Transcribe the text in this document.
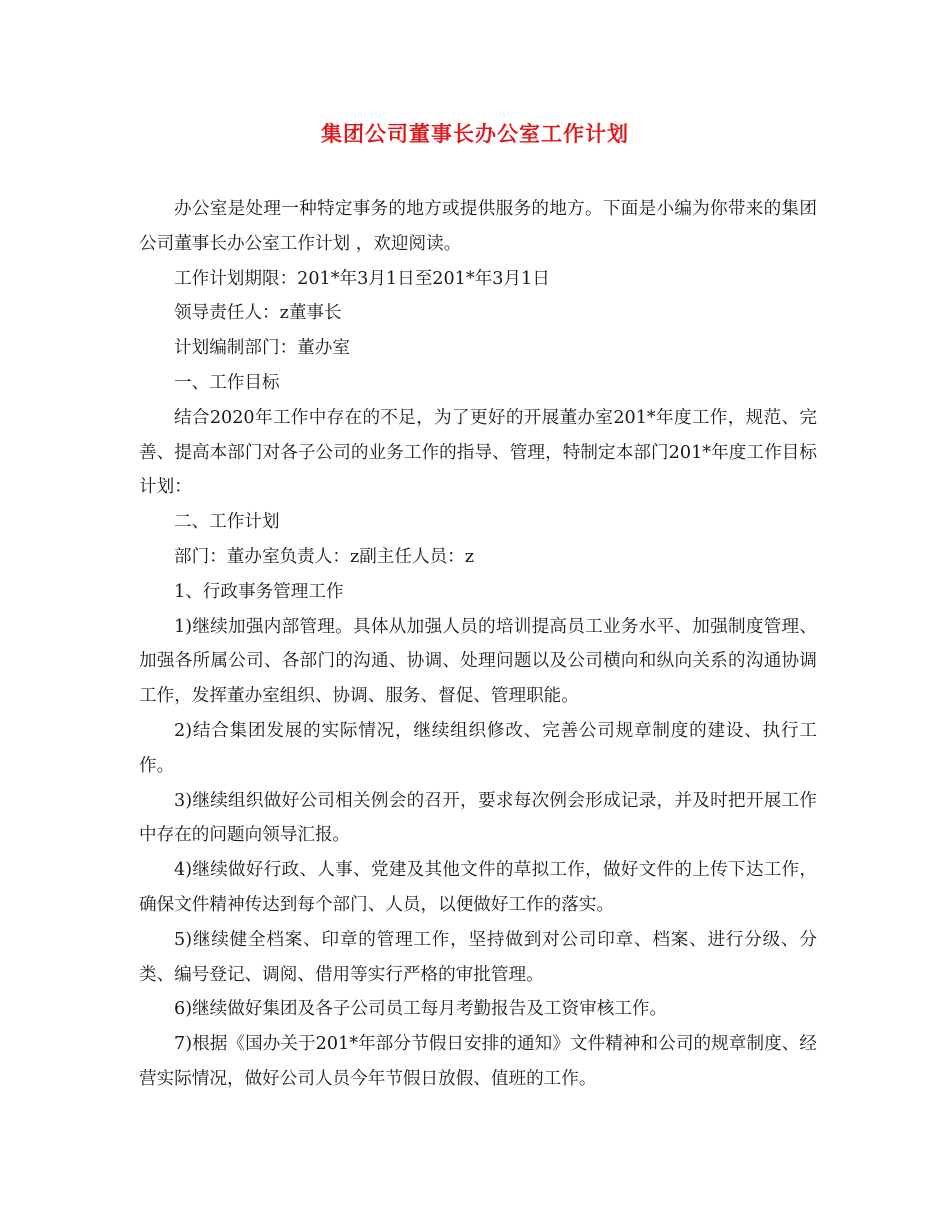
集团公司董事长办公室工作计划

办公室是处理一种特定事务的地方或提供服务的地方。下面是小编为你带来的集团公司董事长办公室工作计划 ，欢迎阅读。

工作计划期限：201*年3月1日至201*年3月1日

领导责任人：z董事长

计划编制部门：董办室

一、工作目标

结合2020年工作中存在的不足，为了更好的开展董办室201*年度工作，规范、完善、提高本部门对各子公司的业务工作的指导、管理，特制定本部门201*年度工作目标计划：

二、工作计划

部门：董办室负责人：z副主任人员：z

1、行政事务管理工作

1)继续加强内部管理。具体从加强人员的培训提高员工业务水平、加强制度管理、加强各所属公司、各部门的沟通、协调、处理问题以及公司横向和纵向关系的沟通协调工作，发挥董办室组织、协调、服务、督促、管理职能。

2)结合集团发展的实际情况，继续组织修改、完善公司规章制度的建设、执行工作。

3)继续组织做好公司相关例会的召开，要求每次例会形成记录，并及时把开展工作中存在的问题向领导汇报。

4)继续做好行政、人事、党建及其他文件的草拟工作，做好文件的上传下达工作，确保文件精神传达到每个部门、人员，以便做好工作的落实。

5)继续健全档案、印章的管理工作，坚持做到对公司印章、档案、进行分级、分类、编号登记、调阅、借用等实行严格的审批管理。

6)继续做好集团及各子公司员工每月考勤报告及工资审核工作。

7)根据《国办关于201*年部分节假日安排的通知》文件精神和公司的规章制度、经营实际情况，做好公司人员今年节假日放假、值班的工作。
